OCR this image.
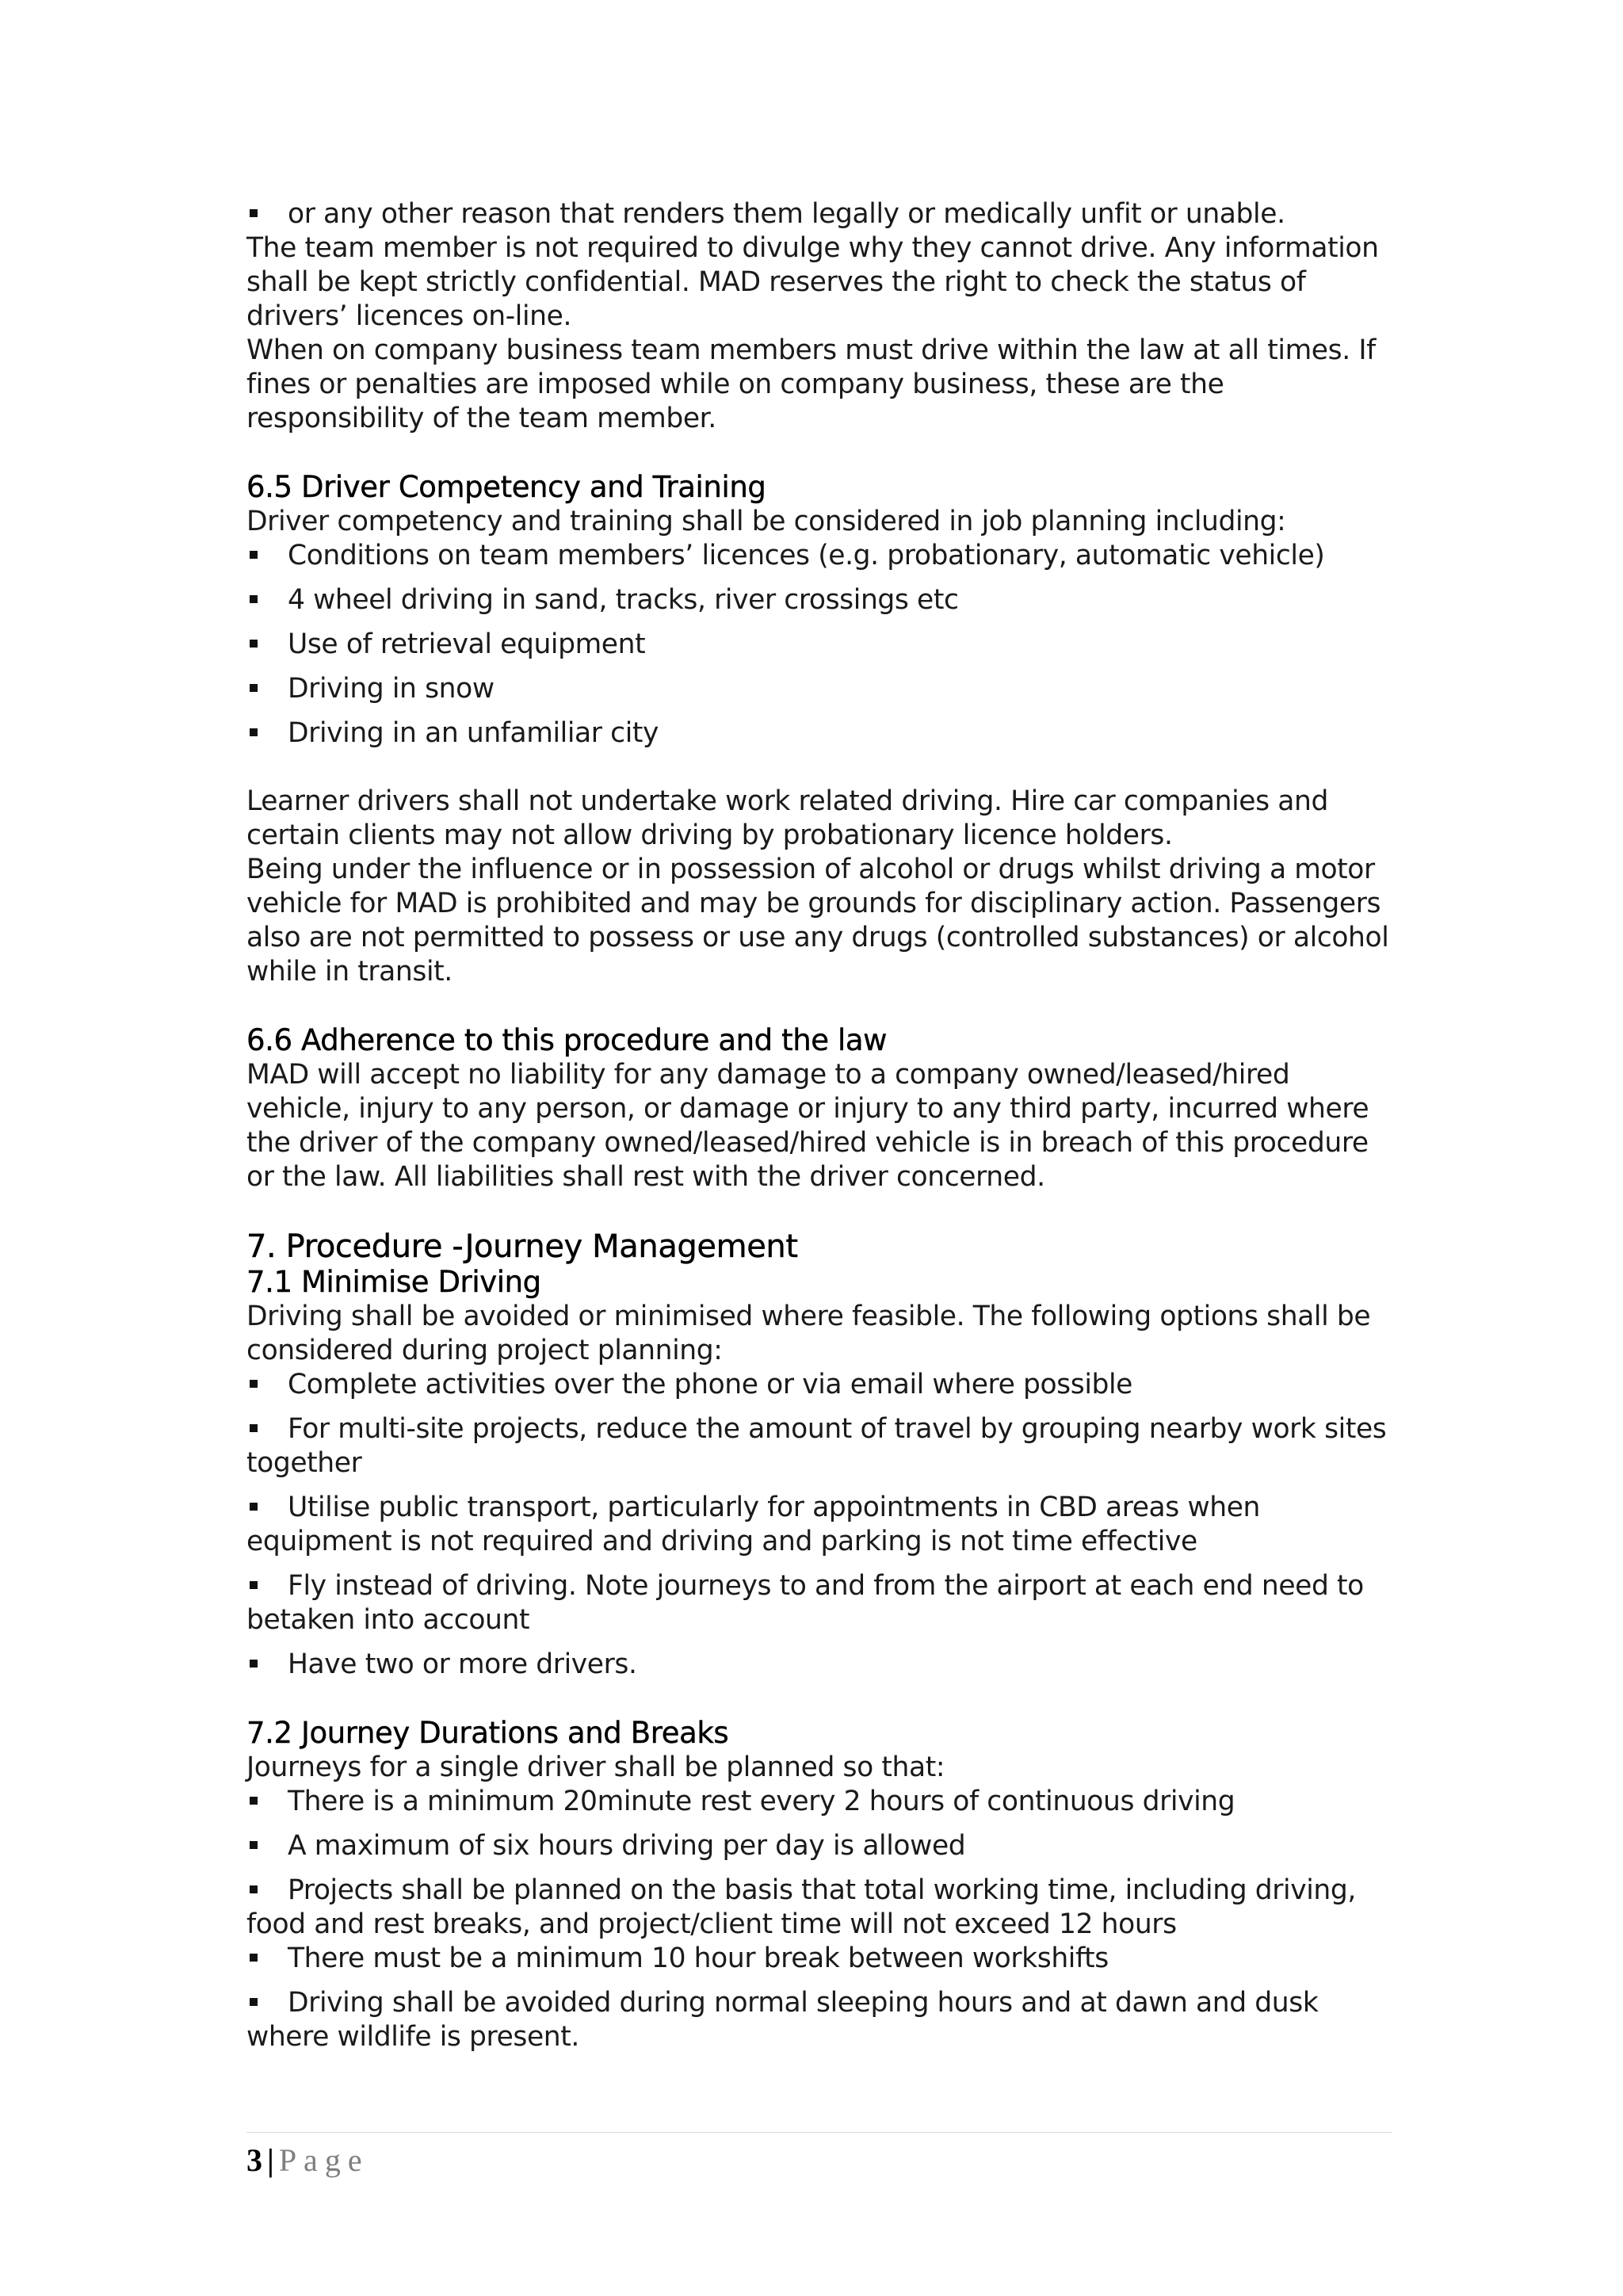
or any other reason that renders them legally or medically unfit or unable.

The team member is not required to divulge why they cannot drive. Any information shall be kept strictly confidential. MAD reserves the right to check the status of drivers’ licences on-line.

When on company business team members must drive within the law at all times. If fines or penalties are imposed while on company business, these are the responsibility of the team member.

6.5 Driver Competency and Training

Driver competency and training shall be considered in job planning including:

Conditions on team members’ licences (e.g. probationary, automatic vehicle)

4 wheel driving in sand, tracks, river crossings etc

Use of retrieval equipment

Driving in snow

Driving in an unfamiliar city

Learner drivers shall not undertake work related driving. Hire car companies and certain clients may not allow driving by probationary licence holders.

Being under the influence or in possession of alcohol or drugs whilst driving a motor vehicle for MAD is prohibited and may be grounds for disciplinary action. Passengers also are not permitted to possess or use any drugs (controlled substances) or alcohol while in transit.

6.6 Adherence to this procedure and the law

MAD will accept no liability for any damage to a company owned/leased/hired vehicle, injury to any person, or damage or injury to any third party, incurred where the driver of the company owned/leased/hired vehicle is in breach of this procedure or the law. All liabilities shall rest with the driver concerned.

7. Procedure -Journey Management

7.1 Minimise Driving

Driving shall be avoided or minimised where feasible. The following options shall be considered during project planning:

Complete activities over the phone or via email where possible

For multi-site projects, reduce the amount of travel by grouping nearby work sites together

Utilise public transport, particularly for appointments in CBD areas when equipment is not required and driving and parking is not time effective

Fly instead of driving. Note journeys to and from the airport at each end need to betaken into account

Have two or more drivers.

7.2 Journey Durations and Breaks

Journeys for a single driver shall be planned so that:

There is a minimum 20minute rest every 2 hours of continuous driving

A maximum of six hours driving per day is allowed

Projects shall be planned on the basis that total working time, including driving, food and rest breaks, and project/client time will not exceed 12 hours

There must be a minimum 10 hour break between workshifts

Driving shall be avoided during normal sleeping hours and at dawn and dusk where wildlife is present.

3 | Page
